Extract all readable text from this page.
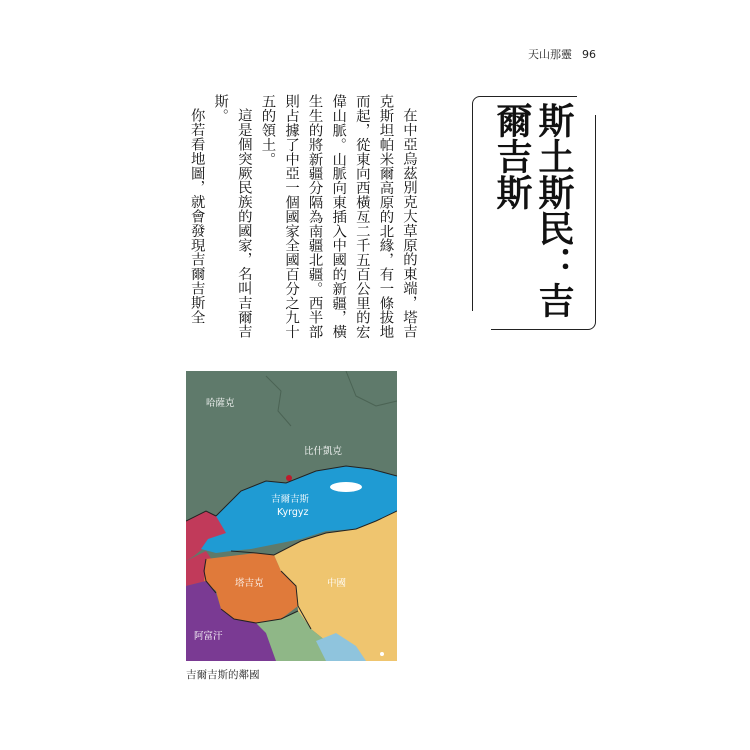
天山那靈 96
斯土斯民：吉爾吉斯

在中亞烏茲別克大草原的東端，塔吉克斯坦帕米爾高原的北緣，有一條拔地而起，從東向西橫亙二千五百公里的宏偉山脈。山脈向東插入中國的新疆，橫生生的將新疆分隔為南疆北疆。西半部則占據了中亞一個國家全國百分之九十五的領土。

這是個突厥民族的國家，名叫吉爾吉斯。

你若看地圖，就會發現吉爾吉斯全

哈薩克
比什凱克
吉爾吉斯
Kyrgyz
塔吉克	中國
阿富汗
吉爾吉斯的鄰國
